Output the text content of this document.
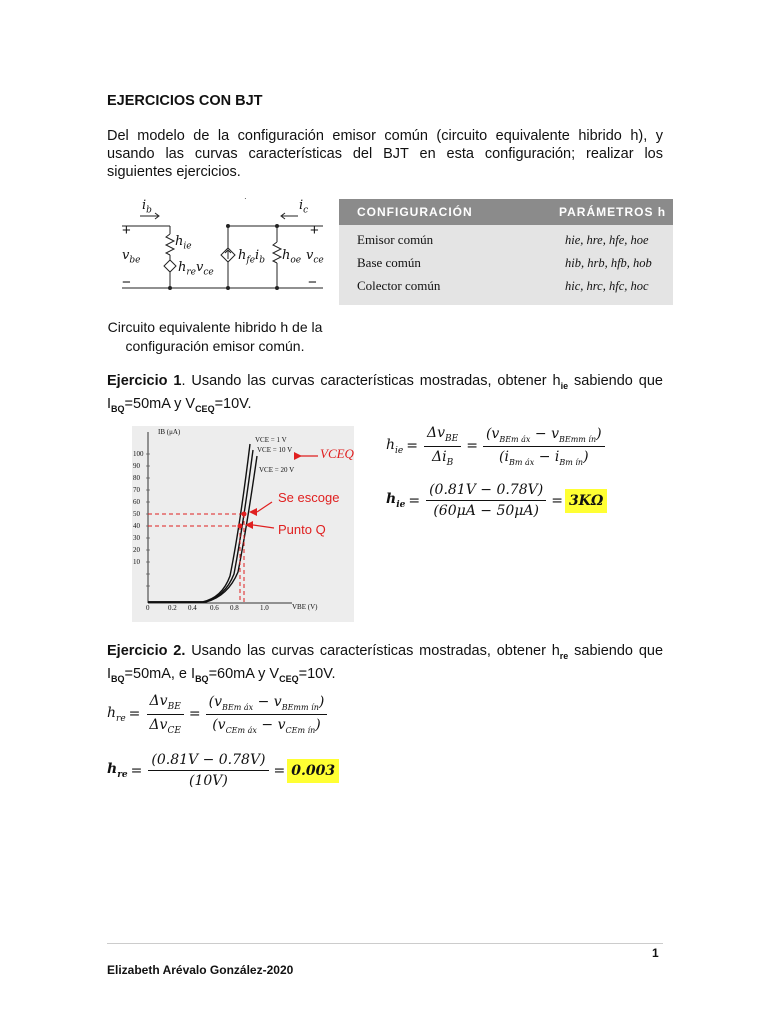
EJERCICIOS CON BJT
Del modelo de la configuración emisor común (circuito equivalente hibrido h), y usando las curvas características del BJT en esta configuración; realizar los siguientes ejercicios.
·
$i_b$	$i_c$
+	+
−	−
$v_{be}$	$v_{ce}$
$h_{ie}$
$h_{re}v_{ce}$
$h_{fe}i_b$ $h_{oe}$
CONFIGURACIÓN	PARÁMETROS h
Emisor común	hie, hre, hfe, hoe
Base común	hib, hrb, hfb, hob
Colector común	hic, hrc, hfc, hoc
Circuito equivalente hibrido h de la configuración emisor común.
Ejercicio 1. Usando las curvas características mostradas, obtener $h_{ie}$ sabiendo que $I_{BQ}=50mA$ y $V_{CEQ}=10V$.
IB (μA)
VBE (V)
VCE = 1 V
VCE = 10 V
VCE = 20 V
VCEQ
Se escoge
Punto Q
100
90
80
70
60
50
40
30
20
10
0	0.2 0.4 0.6 0.8	1.0
$h_{ie} = \frac{\Delta v_{BE}}{\Delta i_B} = \frac{(v_{BEm áx} - v_{BEmm ín})}{(i_{Bm áx} - i_{Bm ín})}$
$h_{ie} = \frac{(0.81V - 0.78V)}{(60\mu A - 50\mu A)} = 3K\Omega$
Ejercicio 2. Usando las curvas características mostradas, obtener $h_{re}$ sabiendo que $I_{BQ}=50mA$, e $I_{BQ}=60mA$ y $V_{CEQ}=10V$.
$h_{re} = \frac{\Delta v_{BE}}{\Delta v_{CE}} = \frac{(v_{BEm áx} - v_{BEmm ín})}{(v_{CEm áx} - v_{CEm ín})}$
$h_{re} = \frac{(0.81V - 0.78V)}{(10V)} = 0.003$
1
Elizabeth Arévalo González-2020
